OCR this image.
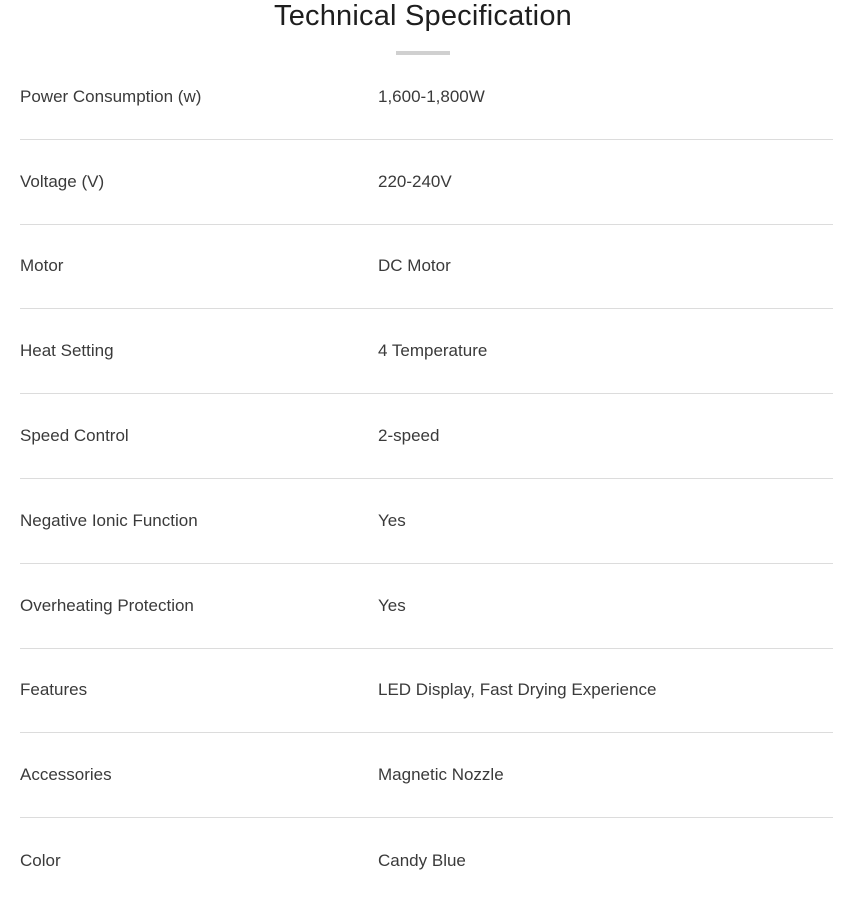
Technical Specification
Power Consumption (w)	1,600-1,800W
Voltage (V)	220-240V
Motor	DC Motor
Heat Setting	4 Temperature
Speed Control	2-speed
Negative Ionic Function	Yes
Overheating Protection	Yes
Features	LED Display, Fast Drying Experience
Accessories	Magnetic Nozzle
Color	Candy Blue
